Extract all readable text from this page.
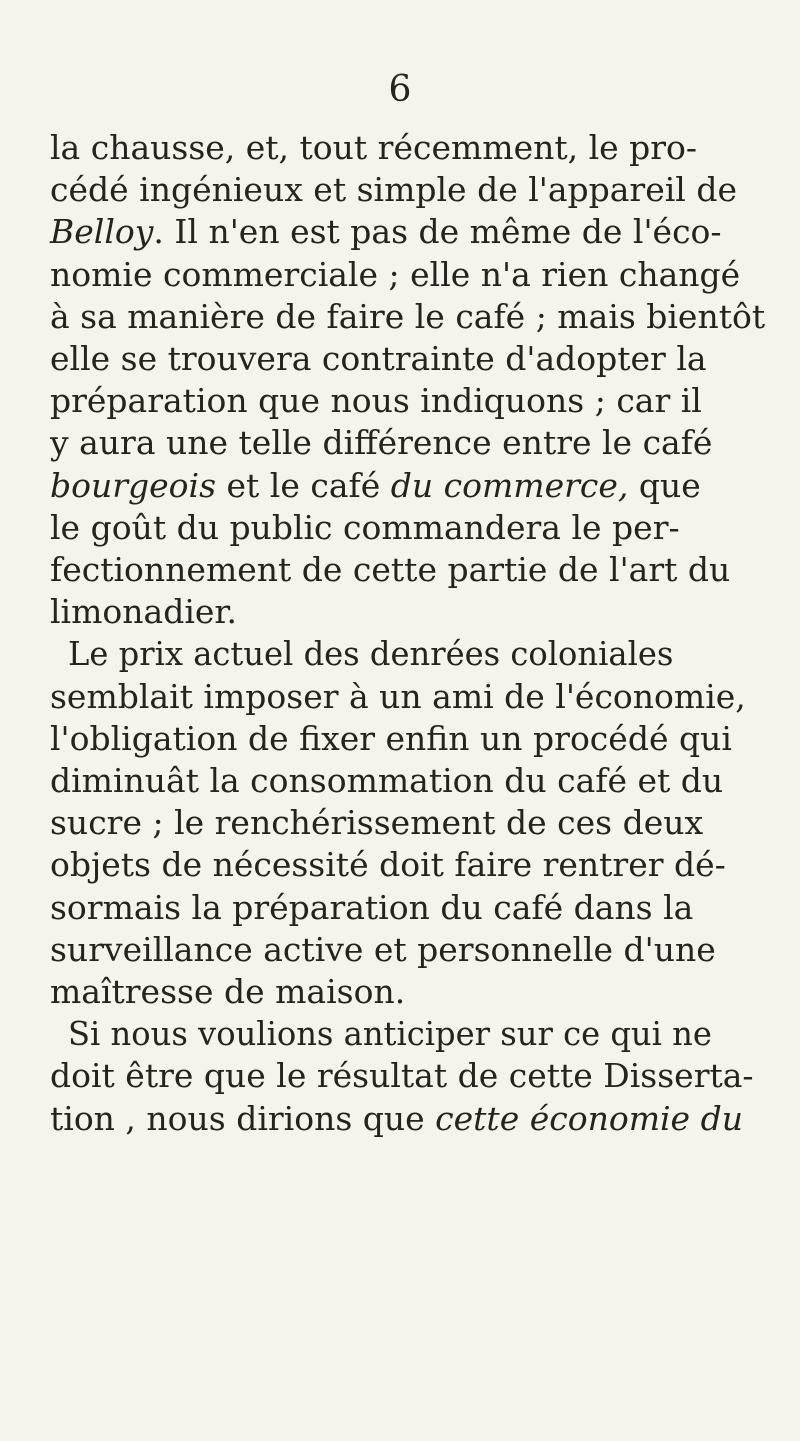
6
la chausse, et, tout récemment, le pro-
cédé ingénieux et simple de l'appareil de
Belloy. Il n'en est pas de même de l'éco-
nomie commerciale ; elle n'a rien changé
à sa manière de faire le café ; mais bientôt
elle se trouvera contrainte d'adopter la
préparation que nous indiquons ; car il
y aura une telle différence entre le café
bourgeois et le café du commerce, que
le goût du public commandera le per-
fectionnement de cette partie de l'art du
limonadier.
Le prix actuel des denrées coloniales
semblait imposer à un ami de l'économie,
l'obligation de fixer enfin un procédé qui
diminuât la consommation du café et du
sucre ; le renchérissement de ces deux
objets de nécessité doit faire rentrer dé-
sormais la préparation du café dans la
surveillance active et personnelle d'une
maîtresse de maison.
Si nous voulions anticiper sur ce qui ne
doit être que le résultat de cette Disserta-
tion , nous dirions que cette économie du
